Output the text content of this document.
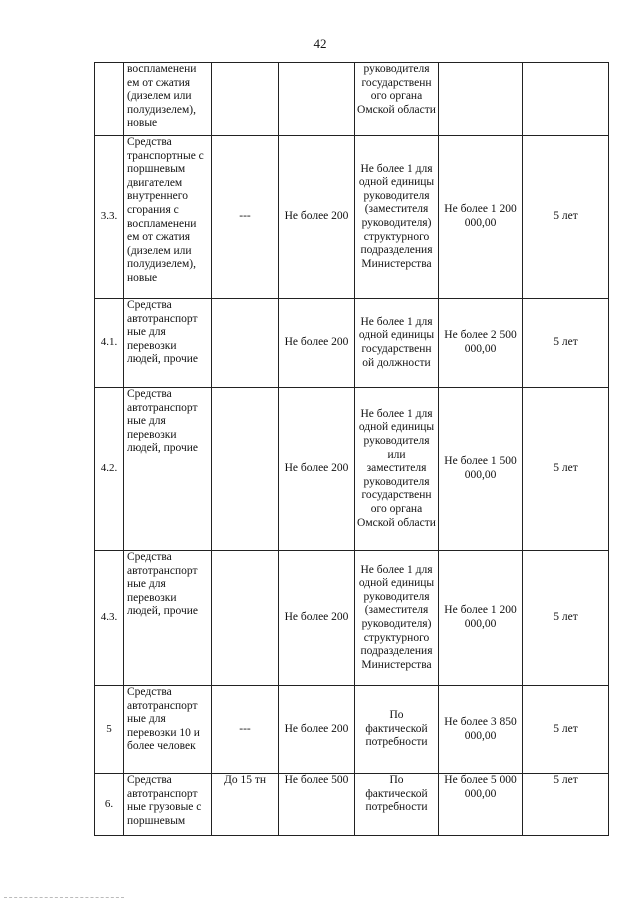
42
	воспламенени ем от сжатия (дизелем или полудизелем), новые			руководителя государственн ого органа Омской области		
3.3.	Средства транспортные с поршневым двигателем внутреннего сгорания с воспламенени ем от сжатия (дизелем или полудизелем), новые	---	Не более 200	Не более 1 для одной единицы руководителя (заместителя руководителя) структурного подразделения Министерства	Не более 1 200 000,00	5 лет
4.1.	Средства автотранспорт ные для перевозки людей, прочие		Не более 200	Не более 1 для одной единицы государственн ой должности	Не более 2 500 000,00	5 лет
4.2.	Средства автотранспорт ные для перевозки людей, прочие		Не более 200	Не более 1 для одной единицы руководителя или заместителя руководителя государственн ого органа Омской области	Не более 1 500 000,00	5 лет
4.3.	Средства автотранспорт ные для перевозки людей, прочие		Не более 200	Не более 1 для одной единицы руководителя (заместителя руководителя) структурного подразделения Министерства	Не более 1 200 000,00	5 лет
5	Средства автотранспорт ные для перевозки 10 и более человек	---	Не более 200	По фактической потребности	Не более 3 850 000,00	5 лет
6.	Средства автотранспорт ные грузовые с поршневым	До 15 тн	Не более 500	По фактической потребности	Не более 5 000 000,00	5 лет
